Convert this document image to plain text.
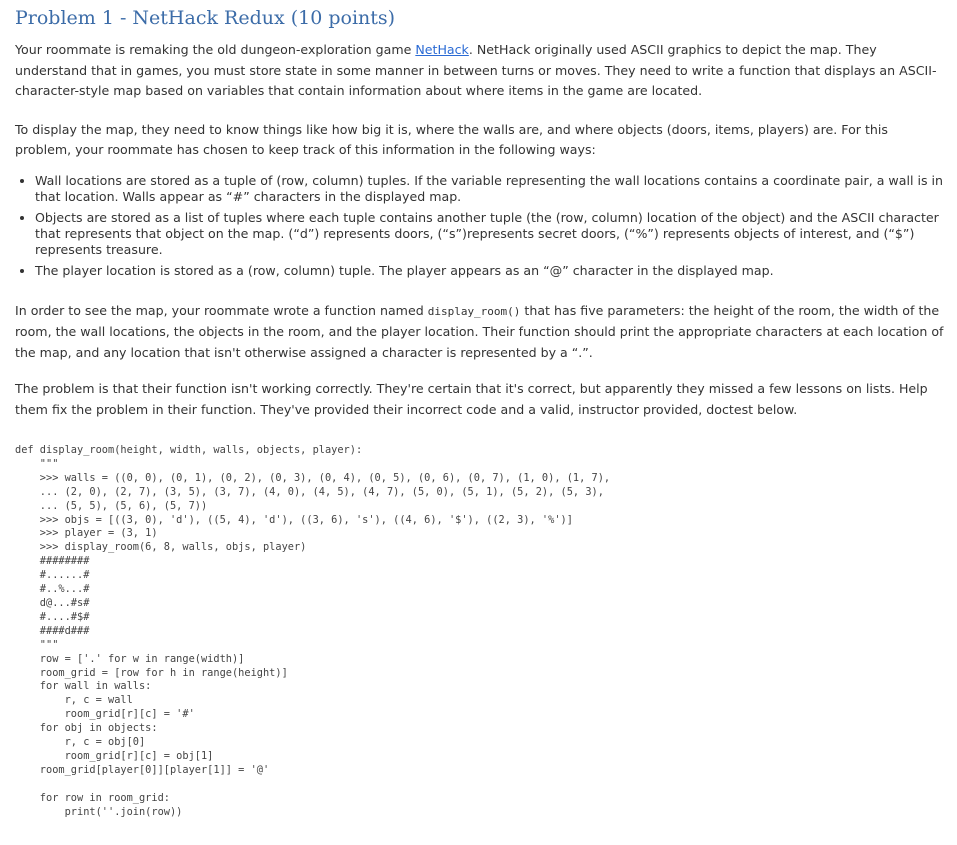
Problem 1 - NetHack Redux (10 points)

Your roommate is remaking the old dungeon-exploration game NetHack. NetHack originally used ASCII graphics to depict the map. They understand that in games, you must store state in some manner in between turns or moves. They need to write a function that displays an ASCII-character-style map based on variables that contain information about where items in the game are located.

To display the map, they need to know things like how big it is, where the walls are, and where objects (doors, items, players) are. For this problem, your roommate has chosen to keep track of this information in the following ways:

• Wall locations are stored as a tuple of (row, column) tuples. If the variable representing the wall locations contains a coordinate pair, a wall is in that location. Walls appear as “#” characters in the displayed map.
• Objects are stored as a list of tuples where each tuple contains another tuple (the (row, column) location of the object) and the ASCII character that represents that object on the map. (“d”) represents doors, (“s”)represents secret doors, (“%”) represents objects of interest, and (“$”) represents treasure.
• The player location is stored as a (row, column) tuple. The player appears as an “@” character in the displayed map.

In order to see the map, your roommate wrote a function named display_room() that has five parameters: the height of the room, the width of the room, the wall locations, the objects in the room, and the player location. Their function should print the appropriate characters at each location of the map, and any location that isn't otherwise assigned a character is represented by a “.”.

The problem is that their function isn't working correctly. They're certain that it's correct, but apparently they missed a few lessons on lists. Help them fix the problem in their function. They've provided their incorrect code and a valid, instructor provided, doctest below.

def display_room(height, width, walls, objects, player):
"""
>>> walls = ((0, 0), (0, 1), (0, 2), (0, 3), (0, 4), (0, 5), (0, 6), (0, 7), (1, 0), (1, 7),
... (2, 0), (2, 7), (3, 5), (3, 7), (4, 0), (4, 5), (4, 7), (5, 0), (5, 1), (5, 2), (5, 3),
... (5, 5), (5, 6), (5, 7))
>>> objs = [((3, 0), 'd'), ((5, 4), 'd'), ((3, 6), 's'), ((4, 6), '$'), ((2, 3), '%')]
>>> player = (3, 1)
>>> display_room(6, 8, walls, objs, player)
########
#......#
#..%...#
d@...#s#
#....#$#
####d###
"""
row = ['.' for w in range(width)]
room_grid = [row for h in range(height)]
for wall in walls:
r, c = wall
room_grid[r][c] = '#'
for obj in objects:
r, c = obj[0]
room_grid[r][c] = obj[1]
room_grid[player[0]][player[1]] = '@'

for row in room_grid:
print(''.join(row))
